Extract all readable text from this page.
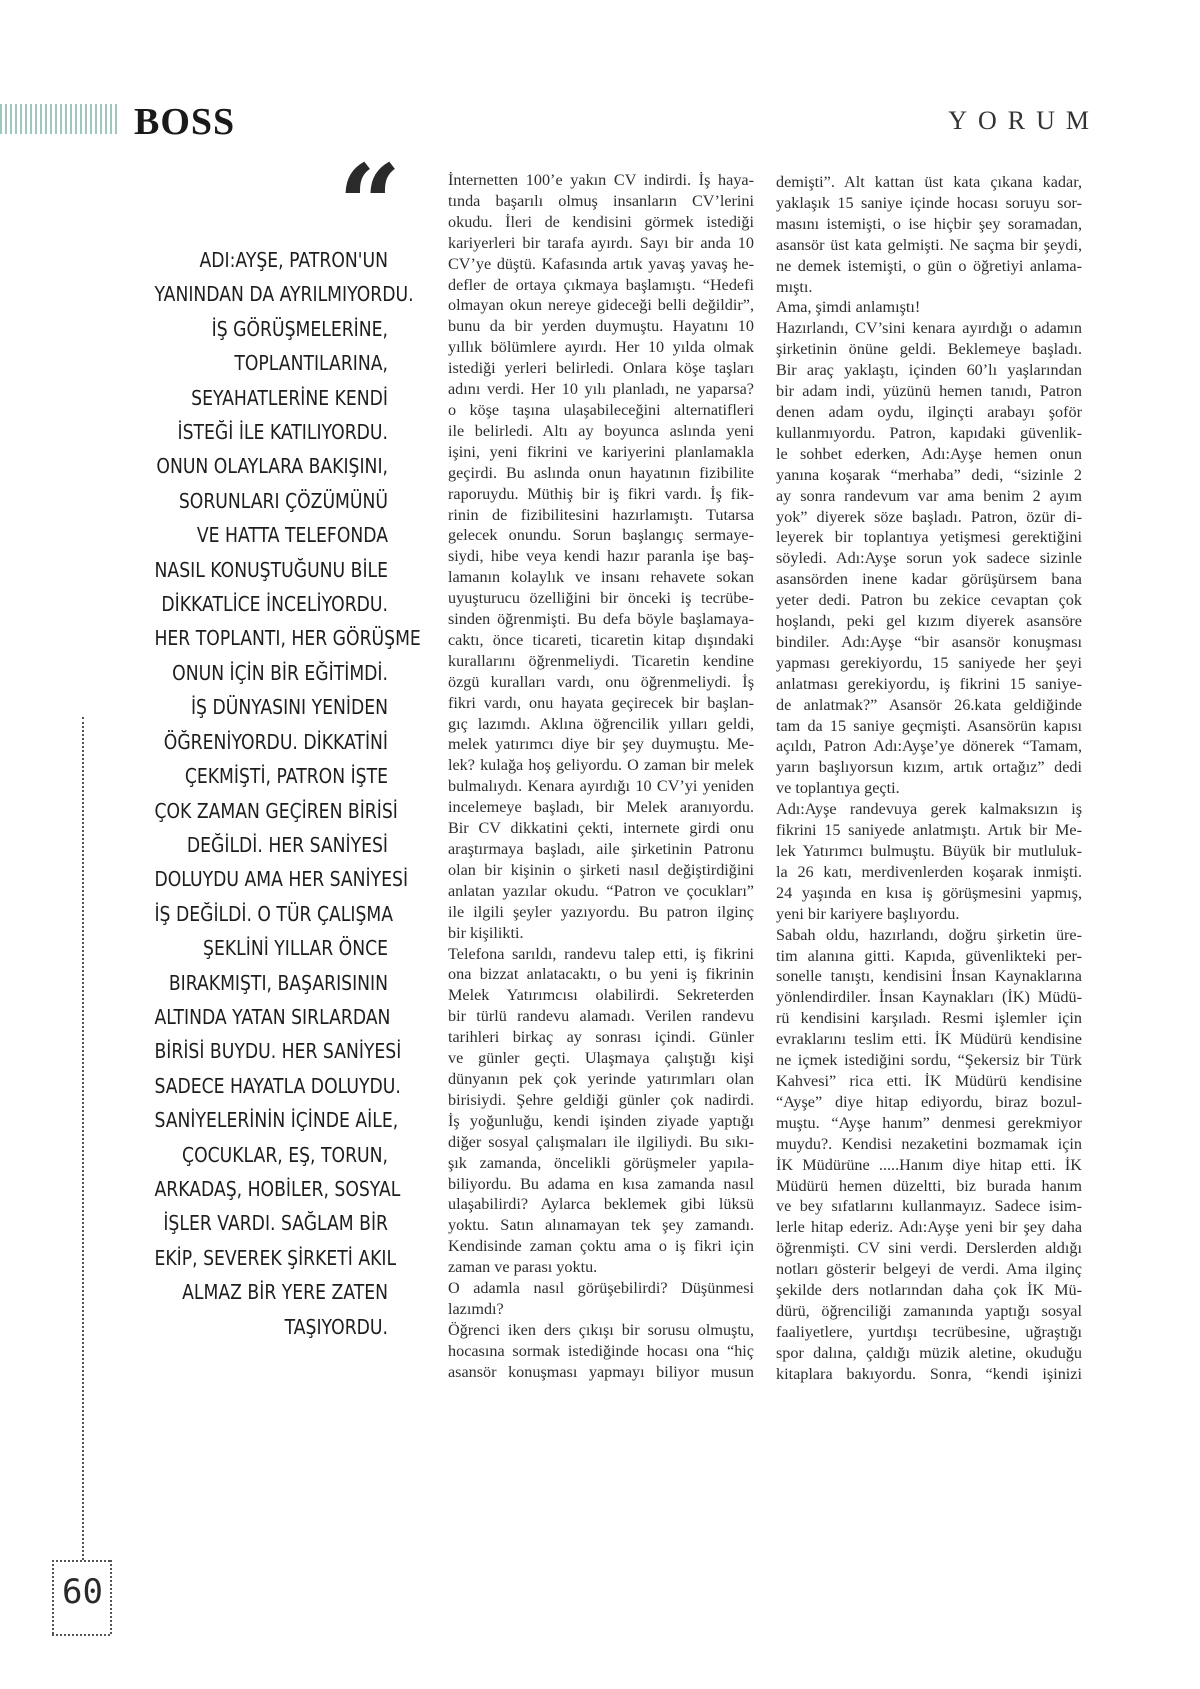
BOSS	YORUM
“
ADI:AYŞE, PATRON'UN
YANINDAN DA AYRILMIYORDU.
İŞ GÖRÜŞMELERİNE,
TOPLANTILARINA,
SEYAHATLERİNE KENDİ
İSTEĞİ İLE KATILIYORDU.
ONUN OLAYLARA BAKIŞINI,
SORUNLARI ÇÖZÜMÜNÜ
VE HATTA TELEFONDA
NASIL KONUŞTUĞUNU BİLE
DİKKATLİCE İNCELİYORDU.
HER TOPLANTI, HER GÖRÜŞME
ONUN İÇİN BİR EĞİTİMDİ.
İŞ DÜNYASINI YENİDEN
ÖĞRENİYORDU. DİKKATİNİ
ÇEKMİŞTİ, PATRON İŞTE
ÇOK ZAMAN GEÇİREN BİRİSİ
DEĞİLDİ. HER SANİYESİ
DOLUYDU AMA HER SANİYESİ
İŞ DEĞİLDİ. O TÜR ÇALIŞMA
ŞEKLİNİ YILLAR ÖNCE
BIRAKMIŞTI, BAŞARISININ
ALTINDA YATAN SIRLARDAN
BİRİSİ BUYDU. HER SANİYESİ
SADECE HAYATLA DOLUYDU.
SANİYELERİNİN İÇİNDE AİLE,
ÇOCUKLAR, EŞ, TORUN,
ARKADAŞ, HOBİLER, SOSYAL
İŞLER VARDI. SAĞLAM BİR
EKİP, SEVEREK ŞİRKETİ AKIL
ALMAZ BİR YERE ZATEN
TAŞIYORDU.
60
İnternetten 100’e yakın CV indirdi. İş haya-
tında başarılı olmuş insanların CV’lerini
okudu. İleri de kendisini görmek istediği
kariyerleri bir tarafa ayırdı. Sayı bir anda 10
CV’ye düştü. Kafasında artık yavaş yavaş he-
defler de ortaya çıkmaya başlamıştı. “Hedefi
olmayan okun nereye gideceği belli değildir”,
bunu da bir yerden duymuştu. Hayatını 10
yıllık bölümlere ayırdı. Her 10 yılda olmak
istediği yerleri belirledi. Onlara köşe taşları
adını verdi. Her 10 yılı planladı, ne yaparsa?
o köşe taşına ulaşabileceğini alternatifleri
ile belirledi. Altı ay boyunca aslında yeni
işini, yeni fikrini ve kariyerini planlamakla
geçirdi. Bu aslında onun hayatının fizibilite
raporuydu. Müthiş bir iş fikri vardı. İş fik-
rinin de fizibilitesini hazırlamıştı. Tutarsa
gelecek onundu. Sorun başlangıç sermaye-
siydi, hibe veya kendi hazır paranla işe baş-
lamanın kolaylık ve insanı rehavete sokan
uyuşturucu özelliğini bir önceki iş tecrübe-
sinden öğrenmişti. Bu defa böyle başlamaya-
caktı, önce ticareti, ticaretin kitap dışındaki
kurallarını öğrenmeliydi. Ticaretin kendine
özgü kuralları vardı, onu öğrenmeliydi. İş
fikri vardı, onu hayata geçirecek bir başlan-
gıç lazımdı. Aklına öğrencilik yılları geldi,
melek yatırımcı diye bir şey duymuştu. Me-
lek? kulağa hoş geliyordu. O zaman bir melek
bulmalıydı. Kenara ayırdığı 10 CV’yi yeniden
incelemeye başladı, bir Melek aranıyordu.
Bir CV dikkatini çekti, internete girdi onu
araştırmaya başladı, aile şirketinin Patronu
olan bir kişinin o şirketi nasıl değiştirdiğini
anlatan yazılar okudu. “Patron ve çocukları”
ile ilgili şeyler yazıyordu. Bu patron ilginç
bir kişilikti.
Telefona sarıldı, randevu talep etti, iş fikrini
ona bizzat anlatacaktı, o bu yeni iş fikrinin
Melek Yatırımcısı olabilirdi. Sekreterden
bir türlü randevu alamadı. Verilen randevu
tarihleri birkaç ay sonrası içindi. Günler
ve günler geçti. Ulaşmaya çalıştığı kişi
dünyanın pek çok yerinde yatırımları olan
birisiydi. Şehre geldiği günler çok nadirdi.
İş yoğunluğu, kendi işinden ziyade yaptığı
diğer sosyal çalışmaları ile ilgiliydi. Bu sıkı-
şık zamanda, öncelikli görüşmeler yapıla-
biliyordu. Bu adama en kısa zamanda nasıl
ulaşabilirdi? Aylarca beklemek gibi lüksü
yoktu. Satın alınamayan tek şey zamandı.
Kendisinde zaman çoktu ama o iş fikri için
zaman ve parası yoktu.
O adamla nasıl görüşebilirdi? Düşünmesi
lazımdı?
Öğrenci iken ders çıkışı bir sorusu olmuştu,
hocasına sormak istediğinde hocası ona “hiç
asansör konuşması yapmayı biliyor musun
demişti”. Alt kattan üst kata çıkana kadar,
yaklaşık 15 saniye içinde hocası soruyu sor-
masını istemişti, o ise hiçbir şey soramadan,
asansör üst kata gelmişti. Ne saçma bir şeydi,
ne demek istemişti, o gün o öğretiyi anlama-
mıştı.
Ama, şimdi anlamıştı!
Hazırlandı, CV’sini kenara ayırdığı o adamın
şirketinin önüne geldi. Beklemeye başladı.
Bir araç yaklaştı, içinden 60’lı yaşlarından
bir adam indi, yüzünü hemen tanıdı, Patron
denen adam oydu, ilginçti arabayı şoför
kullanmıyordu. Patron, kapıdaki güvenlik-
le sohbet ederken, Adı:Ayşe hemen onun
yanına koşarak “merhaba” dedi, “sizinle 2
ay sonra randevum var ama benim 2 ayım
yok” diyerek söze başladı. Patron, özür di-
leyerek bir toplantıya yetişmesi gerektiğini
söyledi. Adı:Ayşe sorun yok sadece sizinle
asansörden inene kadar görüşürsem bana
yeter dedi. Patron bu zekice cevaptan çok
hoşlandı, peki gel kızım diyerek asansöre
bindiler. Adı:Ayşe “bir asansör konuşması
yapması gerekiyordu, 15 saniyede her şeyi
anlatması gerekiyordu, iş fikrini 15 saniye-
de anlatmak?” Asansör 26.kata geldiğinde
tam da 15 saniye geçmişti. Asansörün kapısı
açıldı, Patron Adı:Ayşe’ye dönerek “Tamam,
yarın başlıyorsun kızım, artık ortağız” dedi
ve toplantıya geçti.
Adı:Ayşe randevuya gerek kalmaksızın iş
fikrini 15 saniyede anlatmıştı. Artık bir Me-
lek Yatırımcı bulmuştu. Büyük bir mutluluk-
la 26 katı, merdivenlerden koşarak inmişti.
24 yaşında en kısa iş görüşmesini yapmış,
yeni bir kariyere başlıyordu.
Sabah oldu, hazırlandı, doğru şirketin üre-
tim alanına gitti. Kapıda, güvenlikteki per-
sonelle tanıştı, kendisini İnsan Kaynaklarına
yönlendirdiler. İnsan Kaynakları (İK) Müdü-
rü kendisini karşıladı. Resmi işlemler için
evraklarını teslim etti. İK Müdürü kendisine
ne içmek istediğini sordu, “Şekersiz bir Türk
Kahvesi” rica etti. İK Müdürü kendisine
“Ayşe” diye hitap ediyordu, biraz bozul-
muştu. “Ayşe hanım” denmesi gerekmiyor
muydu?. Kendisi nezaketini bozmamak için
İK Müdürüne .....Hanım diye hitap etti. İK
Müdürü hemen düzeltti, biz burada hanım
ve bey sıfatlarını kullanmayız. Sadece isim-
lerle hitap ederiz. Adı:Ayşe yeni bir şey daha
öğrenmişti. CV sini verdi. Derslerden aldığı
notları gösterir belgeyi de verdi. Ama ilginç
şekilde ders notlarından daha çok İK Mü-
dürü, öğrenciliği zamanında yaptığı sosyal
faaliyetlere, yurtdışı tecrübesine, uğraştığı
spor dalına, çaldığı müzik aletine, okuduğu
kitaplara bakıyordu. Sonra, “kendi işinizi
